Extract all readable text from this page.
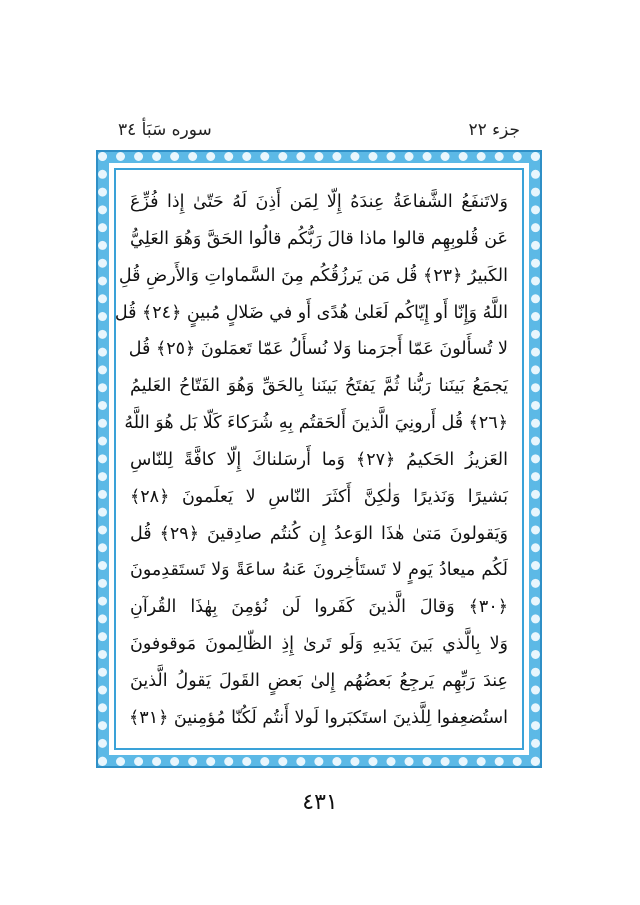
جزء ٢٢
سوره سَبَأ ٣٤
وَلاتَنفَعُ الشَّفاعَةُ عِندَهُ إِلّا لِمَن أَذِنَ لَهُ حَتّىٰ إِذا فُزِّعَ
عَن قُلوبِهِم قالوا ماذا قالَ رَبُّكُم قالُوا الحَقَّ وَهُوَ العَلِيُّ
الكَبيرُ ﴿٢٣﴾ قُل مَن يَرزُقُكُم مِنَ السَّماواتِ وَالأَرضِ قُلِ
اللَّهُ وَإِنّا أَو إِيّاكُم لَعَلىٰ هُدًى أَو في ضَلالٍ مُبينٍ ﴿٢٤﴾ قُل
لا تُسأَلونَ عَمّا أَجرَمنا وَلا نُسأَلُ عَمّا تَعمَلونَ ﴿٢٥﴾ قُل
يَجمَعُ بَينَنا رَبُّنا ثُمَّ يَفتَحُ بَينَنا بِالحَقِّ وَهُوَ الفَتّاحُ العَليمُ
﴿٢٦﴾ قُل أَرونِيَ الَّذينَ أَلحَقتُم بِهِ شُرَكاءَ كَلّا بَل هُوَ اللَّهُ
العَزيزُ الحَكيمُ ﴿٢٧﴾ وَما أَرسَلناكَ إِلّا كافَّةً لِلنّاسِ
بَشيرًا وَنَذيرًا وَلٰكِنَّ أَكثَرَ النّاسِ لا يَعلَمونَ ﴿٢٨﴾
وَيَقولونَ مَتىٰ هٰذَا الوَعدُ إِن كُنتُم صادِقينَ ﴿٢٩﴾ قُل
لَكُم ميعادُ يَومٍ لا تَستَأخِرونَ عَنهُ ساعَةً وَلا تَستَقدِمونَ
﴿٣٠﴾ وَقالَ الَّذينَ كَفَروا لَن نُؤمِنَ بِهٰذَا القُرآنِ
وَلا بِالَّذي بَينَ يَدَيهِ وَلَو تَرىٰ إِذِ الظّالِمونَ مَوقوفونَ
عِندَ رَبِّهِم يَرجِعُ بَعضُهُم إِلىٰ بَعضٍ القَولَ يَقولُ الَّذينَ
استُضعِفوا لِلَّذينَ استَكبَروا لَولا أَنتُم لَكُنّا مُؤمِنينَ ﴿٣١﴾
٤٣١
